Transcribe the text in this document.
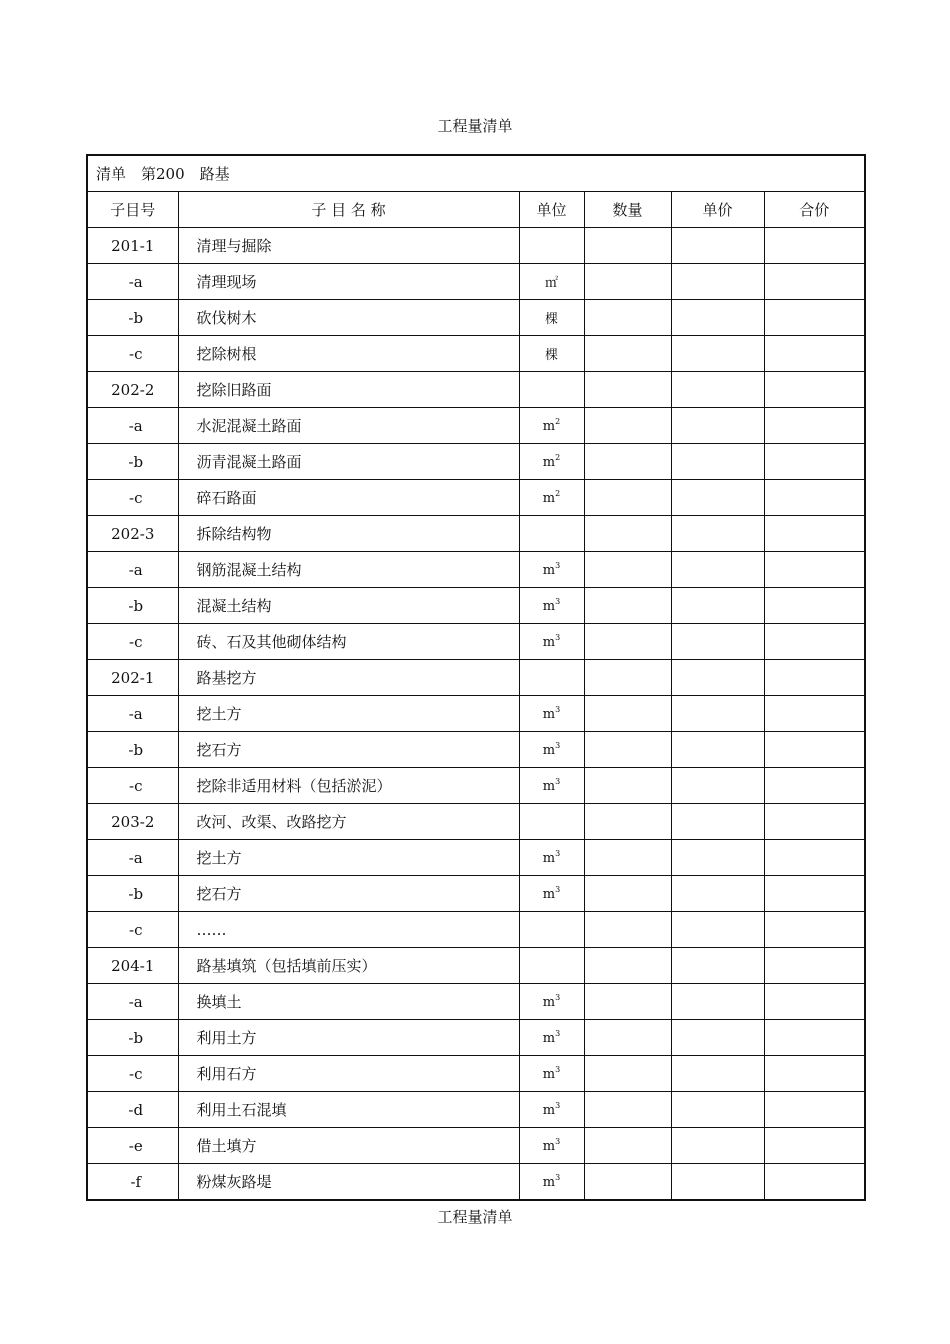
工程量清单
清单　第200　路基					
子目号	子 目 名 称	单位	数量	单价	合价
201-1	清理与掘除				
-a	清理现场	㎡			
-b	砍伐树木	棵			
-c	挖除树根	棵			
202-2	挖除旧路面				
-a	水泥混凝土路面	$m^2$			
-b	沥青混凝土路面	$m^2$			
-c	碎石路面	$m^2$			
202-3	拆除结构物				
-a	钢筋混凝土结构	$m^3$			
-b	混凝土结构	$m^3$			
-c	砖、石及其他砌体结构	$m^3$			
202-1	路基挖方				
-a	挖土方	$m^3$			
-b	挖石方	$m^3$			
-c	挖除非适用材料（包括淤泥）	$m^3$			
203-2	改河、改渠、改路挖方				
-a	挖土方	$m^3$			
-b	挖石方	$m^3$			
-c	……				
204-1	路基填筑（包括填前压实）				
-a	换填土	$m^3$			
-b	利用土方	$m^3$			
-c	利用石方	$m^3$			
-d	利用土石混填	$m^3$			
-e	借土填方	$m^3$			
-f	粉煤灰路堤	$m^3$			
工程量清单
